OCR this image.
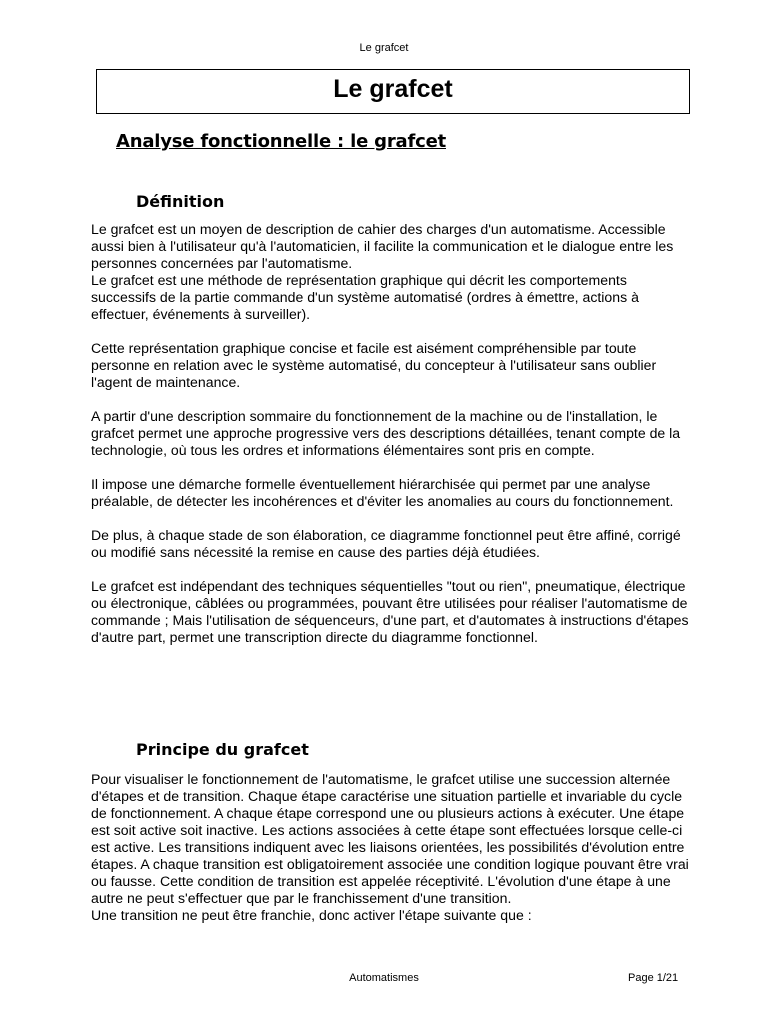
Le grafcet
Le grafcet
Analyse fonctionnelle : le grafcet
Définition

Le grafcet est un moyen de description de cahier des charges d'un automatisme. Accessible aussi bien à l'utilisateur qu'à l'automaticien, il facilite la communication et le dialogue entre les personnes concernées par l'automatisme.

Le grafcet est une méthode de représentation graphique qui décrit les comportements successifs de la partie commande d'un système automatisé (ordres à émettre, actions à effectuer, événements à surveiller).

Cette représentation graphique concise et facile est aisément compréhensible par toute personne en relation avec le système automatisé, du concepteur à l'utilisateur sans oublier l'agent de maintenance.

A partir d'une description sommaire du fonctionnement de la machine ou de l'installation, le grafcet permet une approche progressive vers des descriptions détaillées, tenant compte de la technologie, où tous les ordres et informations élémentaires sont pris en compte.

Il impose une démarche formelle éventuellement hiérarchisée qui permet par une analyse préalable, de détecter les incohérences et d'éviter les anomalies au cours du fonctionnement.

De plus, à chaque stade de son élaboration, ce diagramme fonctionnel peut être affiné, corrigé ou modifié sans nécessité la remise en cause des parties déjà étudiées.

Le grafcet est indépendant des techniques séquentielles "tout ou rien", pneumatique, électrique ou électronique, câblées ou programmées, pouvant être utilisées pour réaliser l'automatisme de commande ; Mais l'utilisation de séquenceurs, d'une part, et d'automates à instructions d'étapes d'autre part, permet une transcription directe du diagramme fonctionnel.

Principe du grafcet

Pour visualiser le fonctionnement de l'automatisme, le grafcet utilise une succession alternée d'étapes et de transition. Chaque étape caractérise une situation partielle et invariable du cycle de fonctionnement. A chaque étape correspond une ou plusieurs actions à exécuter. Une étape est soit active soit inactive. Les actions associées à cette étape sont effectuées lorsque celle-ci est active. Les transitions indiquent avec les liaisons orientées, les possibilités d'évolution entre étapes. A chaque transition est obligatoirement associée une condition logique pouvant être vrai ou fausse. Cette condition de transition est appelée réceptivité. L'évolution d'une étape à une autre ne peut s'effectuer que par le franchissement d'une transition.

Une transition ne peut être franchie, donc activer l'étape suivante que :

Automatismes	Page 1/21
